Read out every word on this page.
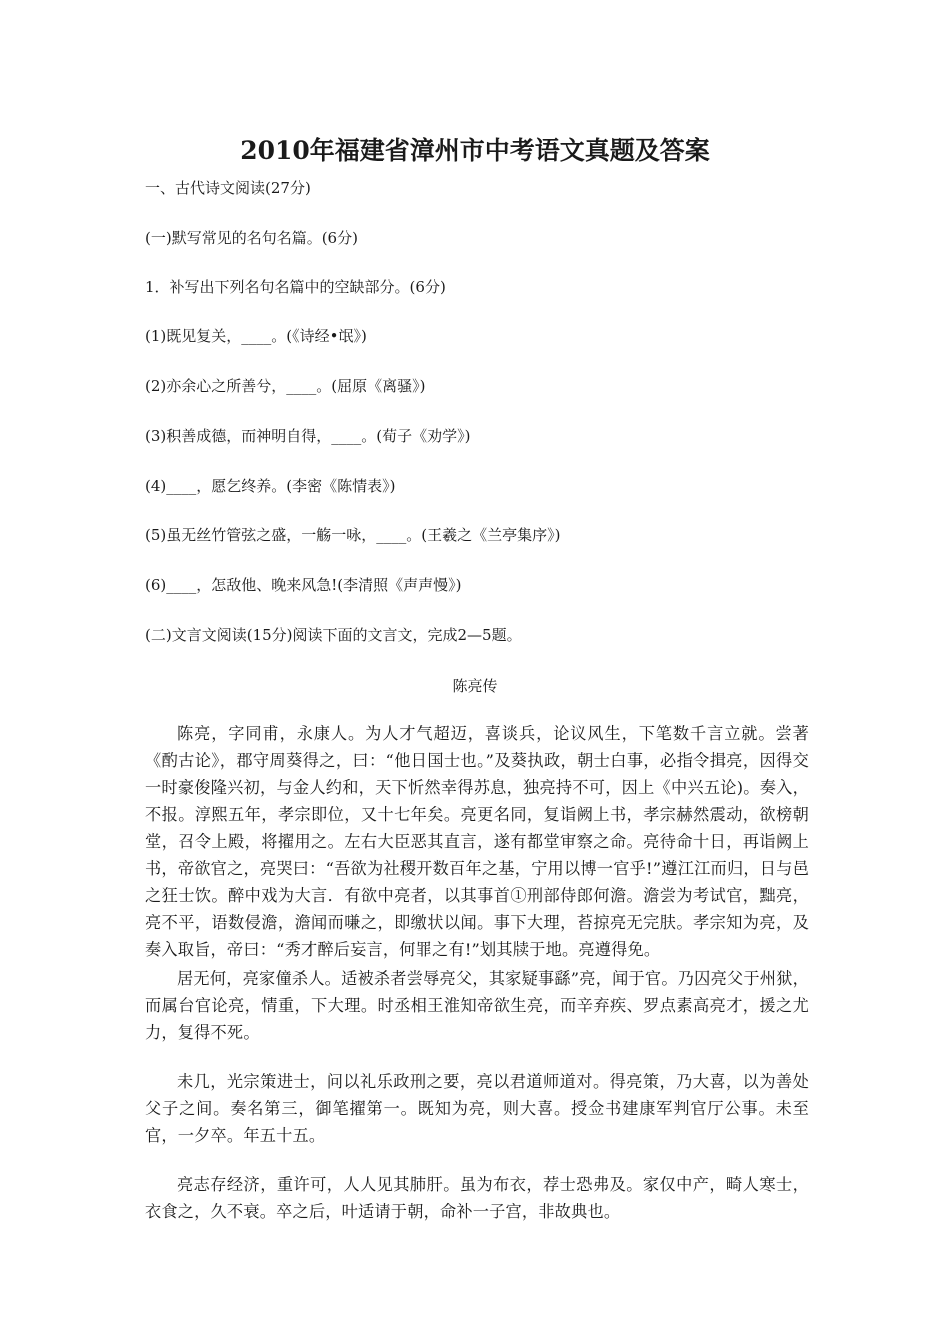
2010年福建省漳州市中考语文真题及答案
一、古代诗文阅读(27分)
(一)默写常见的名句名篇。(6分)
1．补写出下列名句名篇中的空缺部分。(6分)
(1)既见复关，____。(《诗经•氓》)
(2)亦余心之所善兮，____。(屈原《离骚》)
(3)积善成德，而神明自得，____。(荀子《劝学》)
(4)____，愿乞终养。(李密《陈情表》)
(5)虽无丝竹管弦之盛，一觞一咏，____。(王羲之《兰亭集序》)
(6)____，怎敌他、晚来风急!(李清照《声声慢》)
(二)文言文阅读(15分)阅读下面的文言文，完成2—5题。
陈亮传
陈亮，字同甫，永康人。为人才气超迈，喜谈兵，论议风生，下笔数千言立就。尝著《酌古论》，郡守周葵得之，曰：“他日国士也。”及葵执政，朝士白事，必指令揖亮，因得交一时豪俊隆兴初，与金人约和，天下忻然幸得苏息，独亮持不可，因上《中兴五论)。奏入，不报。淳熙五年，孝宗即位，又十七年矣。亮更名同，复诣阙上书，孝宗赫然震动，欲榜朝堂，召令上殿，将擢用之。左右大臣恶其直言，遂有都堂审察之命。亮待命十日，再诣阙上书，帝欲官之，亮哭曰：“吾欲为社稷开数百年之基，宁用以博一官乎!”遵江江而归，日与邑之狂士饮。醉中戏为大言．有欲中亮者，以其事首①刑部侍郎何澹。澹尝为考试官，黜亮，亮不平，语数侵澹，澹闻而嗛之，即缴状以闻。事下大理，苔掠亮无完肤。孝宗知为亮，及奏入取旨，帝曰：“秀才醉后妄言，何罪之有!”划其牍于地。亮遵得免。
居无何，亮家僮杀人。适被杀者尝辱亮父，其家疑事繇”亮，闻于官。乃囚亮父于州狱，而属台官论亮，情重，下大理。时丞相王淮知帝欲生亮，而辛弃疾、罗点素高亮才，援之尤力，复得不死。
未几，光宗策进士，问以礼乐政刑之要，亮以君道师道对。得亮策，乃大喜，以为善处父子之间。奏名第三，御笔擢第一。既知为亮，则大喜。授佥书建康军判官厅公事。未至官，一夕卒。年五十五。
亮志存经济，重许可，人人见其肺肝。虽为布衣，荐士恐弗及。家仅中产，畸人寒士，衣食之，久不衰。卒之后，叶适请于朝，命补一子宫，非故典也。
